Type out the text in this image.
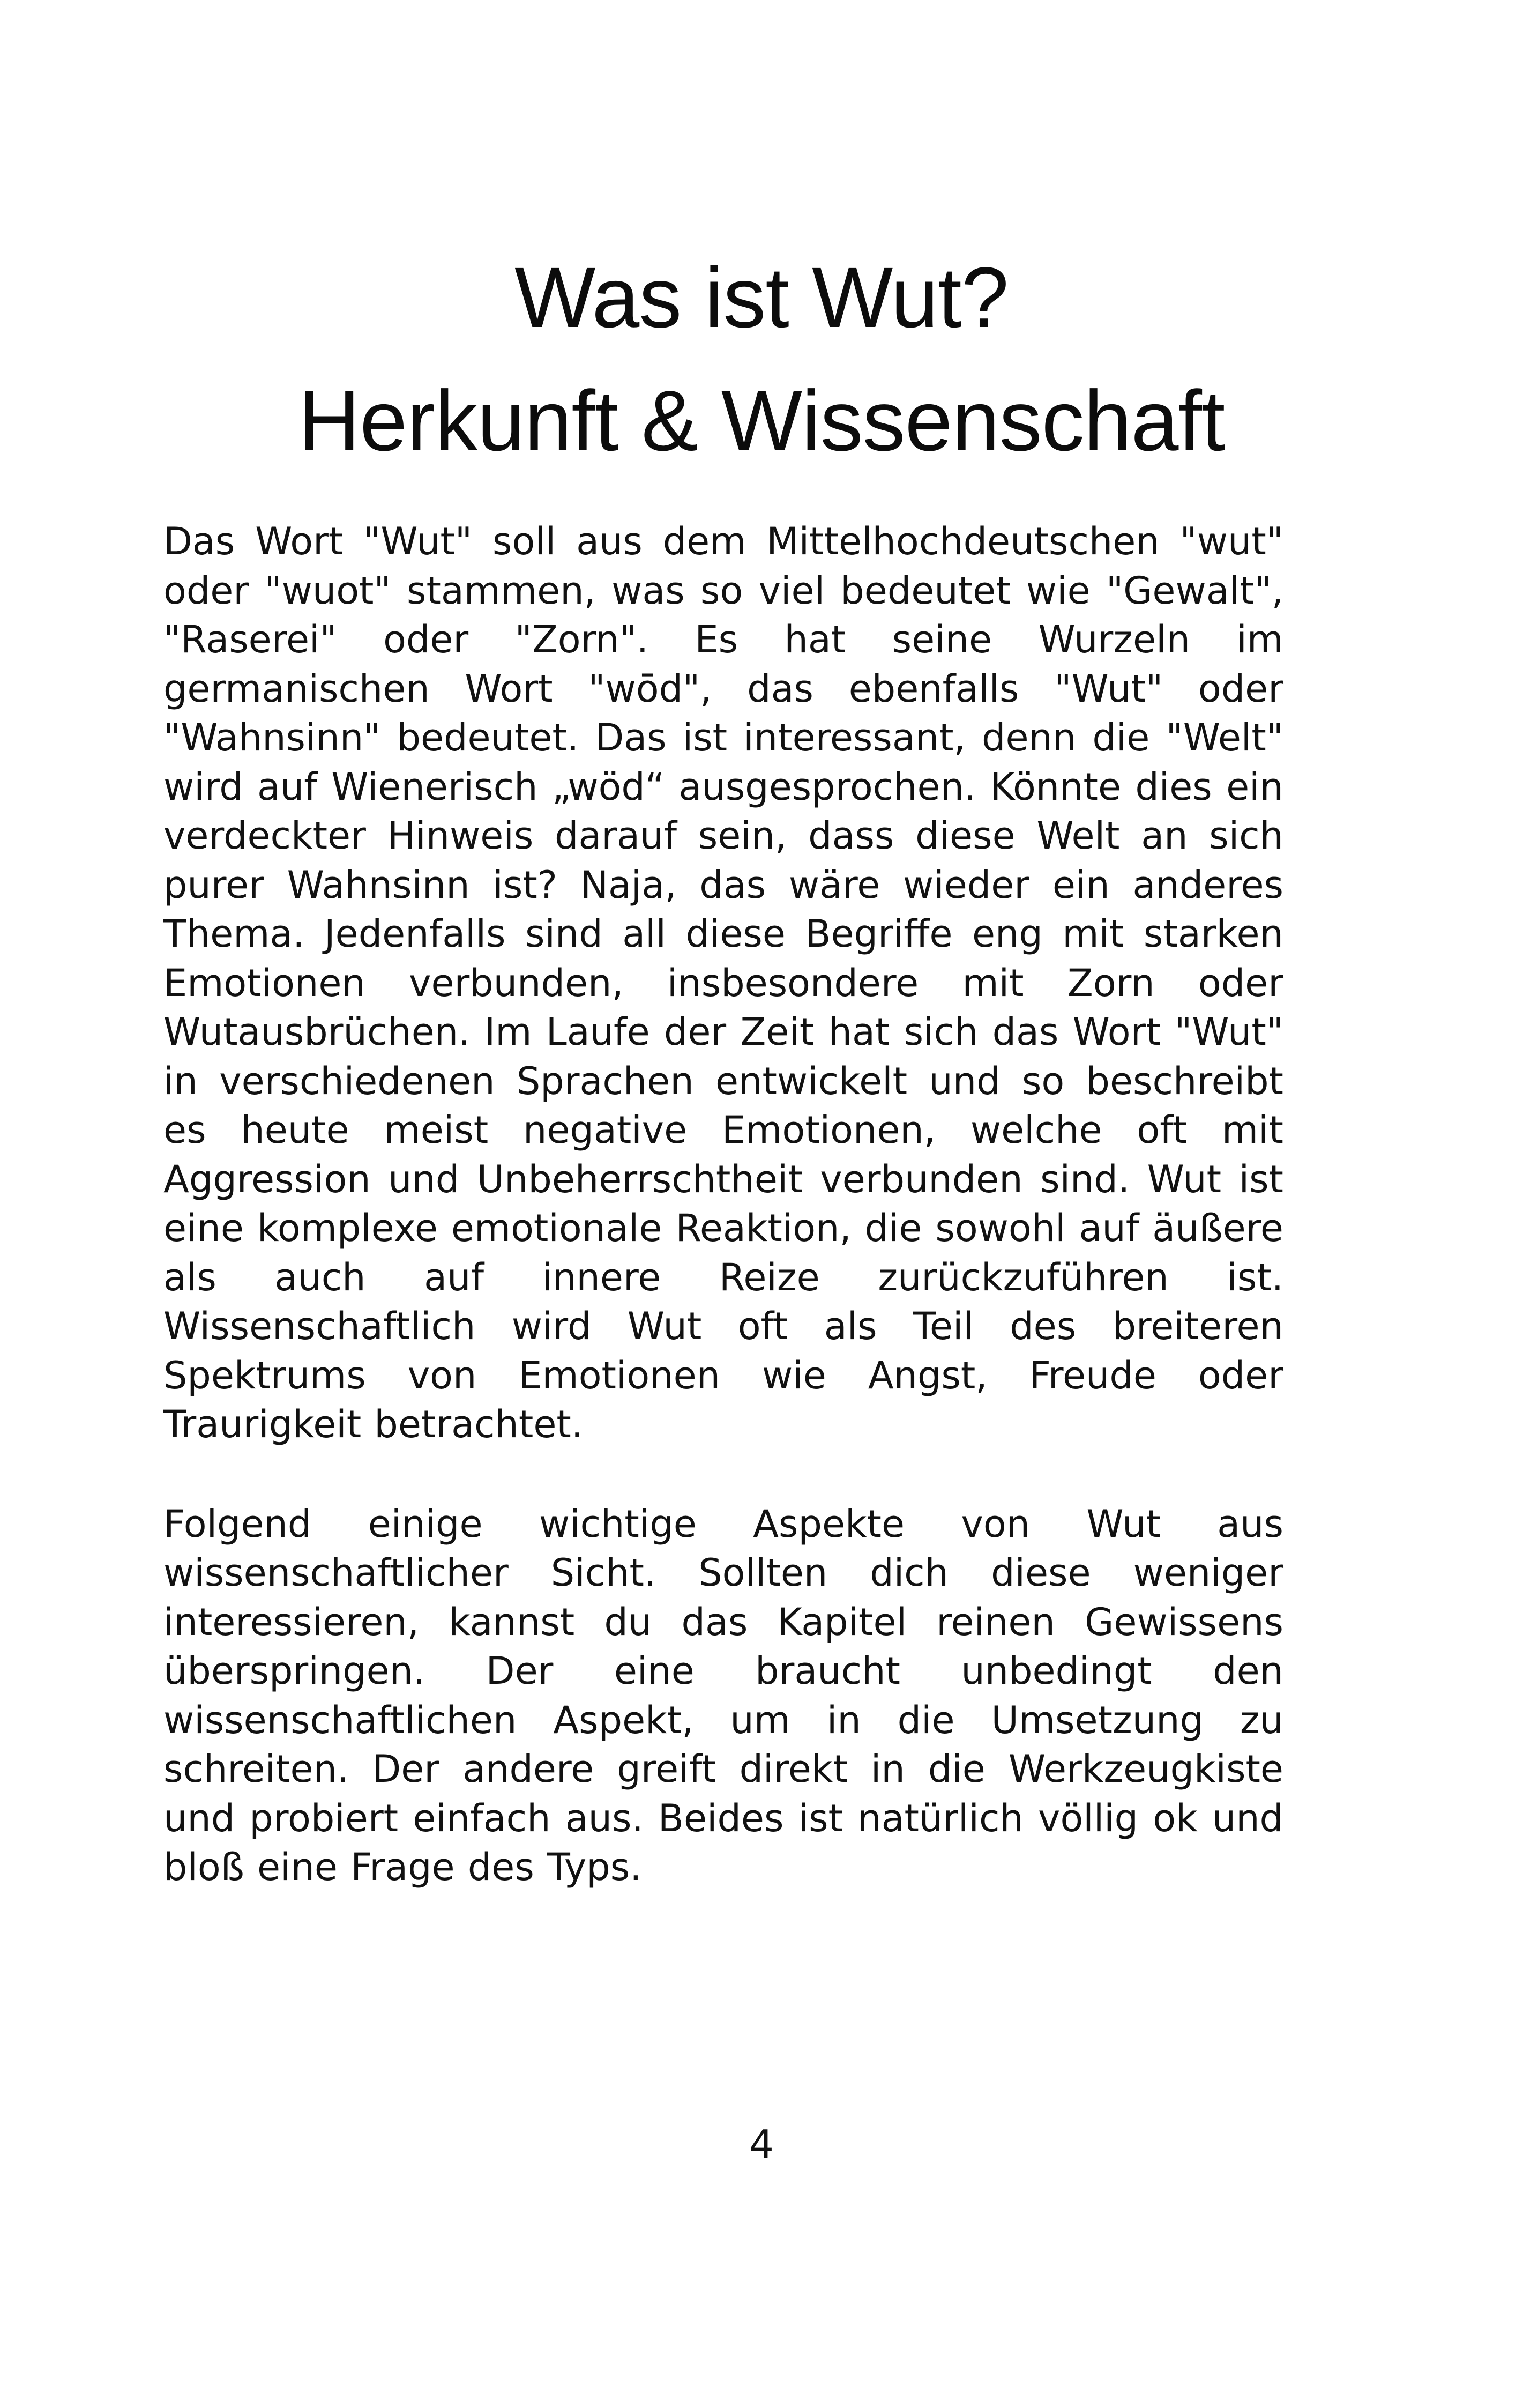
Was ist Wut?
Herkunft & Wissenschaft

Das Wort "Wut" soll aus dem Mittelhochdeutschen "wut" oder "wuot" stammen, was so viel bedeutet wie "Gewalt", "Raserei" oder "Zorn". Es hat seine Wurzeln im germanischen Wort "wōd", das ebenfalls "Wut" oder "Wahnsinn" bedeutet. Das ist interessant, denn die "Welt" wird auf Wienerisch „wöd“ ausgesprochen. Könnte dies ein verdeckter Hinweis darauf sein, dass diese Welt an sich purer Wahnsinn ist? Naja, das wäre wieder ein anderes Thema. Jedenfalls sind all diese Begriffe eng mit starken Emotionen verbunden, insbesondere mit Zorn oder Wutausbrüchen. Im Laufe der Zeit hat sich das Wort "Wut" in verschiedenen Sprachen entwickelt und so beschreibt es heute meist negative Emotionen, welche oft mit Aggression und Unbeherrschtheit verbunden sind. Wut ist eine komplexe emotionale Reaktion, die sowohl auf äußere als auch auf innere Reize zurückzuführen ist. Wissenschaftlich wird Wut oft als Teil des breiteren Spektrums von Emotionen wie Angst, Freude oder Traurigkeit betrachtet.

Folgend einige wichtige Aspekte von Wut aus wissenschaftlicher Sicht. Sollten dich diese weniger interessieren, kannst du das Kapitel reinen Gewissens überspringen. Der eine braucht unbedingt den wissenschaftlichen Aspekt, um in die Umsetzung zu schreiten. Der andere greift direkt in die Werkzeugkiste und probiert einfach aus. Beides ist natürlich völlig ok und bloß eine Frage des Typs.

4
